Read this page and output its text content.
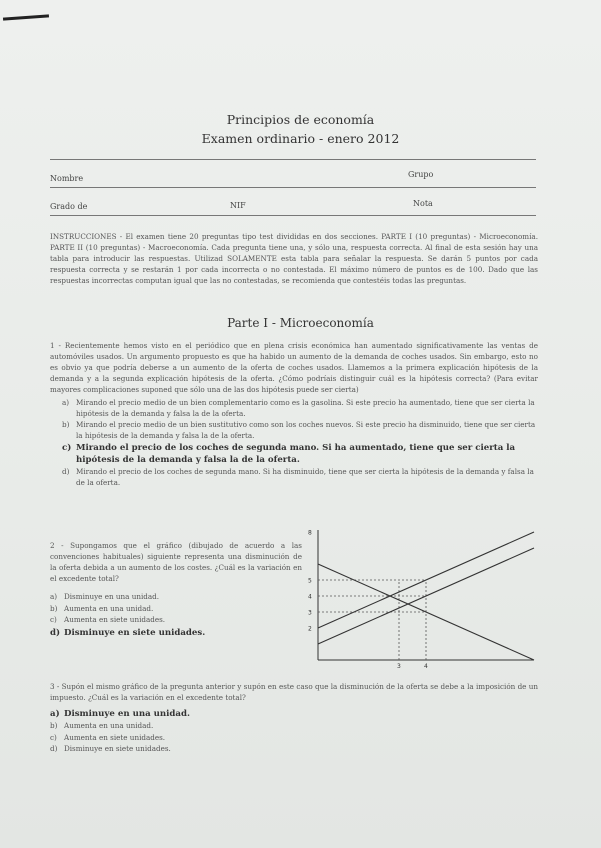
Principios de economía
Examen ordinario - enero 2012
Nombre	Grupo
Grado de	NIF	Nota
INSTRUCCIONES - El examen tiene 20 preguntas tipo test divididas en dos secciones. PARTE I (10 preguntas) - Microeconomía. PARTE II (10 preguntas) - Macroeconomía. Cada pregunta tiene una, y sólo una, respuesta correcta. Al final de esta sesión hay una tabla para introducir las respuestas. Utilizad SOLAMENTE esta tabla para señalar la respuesta. Se darán 5 puntos por cada respuesta correcta y se restarán 1 por cada incorrecta o no contestada. El máximo número de puntos es de 100. Dado que las respuestas incorrectas computan igual que las no contestadas, se recomienda que contestéis todas las preguntas.
Parte I - Microeconomía
1 - Recientemente hemos visto en el periódico que en plena crisis económica han aumentado significativamente las ventas de automóviles usados. Un argumento propuesto es que ha habido un aumento de la demanda de coches usados. Sin embargo, esto no es obvio ya que podría deberse a un aumento de la oferta de coches usados. Llamemos a la primera explicación hipótesis de la demanda y a la segunda explicación hipótesis de la oferta. ¿Cómo podríais distinguir cuál es la hipótesis correcta? (Para evitar mayores complicaciones suponed que sólo una de las dos hipótesis puede ser cierta)
a) Mirando el precio medio de un bien complementario como es la gasolina. Si este precio ha aumentado, tiene que ser cierta la hipótesis de la demanda y falsa la de la oferta.
b) Mirando el precio medio de un bien sustitutivo como son los coches nuevos. Si este precio ha disminuido, tiene que ser cierta la hipótesis de la demanda y falsa la de la oferta.
c) Mirando el precio de los coches de segunda mano. Si ha aumentado, tiene que ser cierta la hipótesis de la demanda y falsa la de la oferta.
d) Mirando el precio de los coches de segunda mano. Si ha disminuido, tiene que ser cierta la hipótesis de la demanda y falsa la de la oferta.
2 - Supongamos que el gráfico (dibujado de acuerdo a las convenciones habituales) siguiente representa una disminución de la oferta debida a un aumento de los costes. ¿Cuál es la variación en el excedente total?
a) Disminuye en una unidad.
b) Aumenta en una unidad.
c) Aumenta en siete unidades.
d) Disminuye en siete unidades.	2
3
4
5
8
3	4
3 - Supón el mismo gráfico de la pregunta anterior y supón en este caso que la disminución de la oferta se debe a la imposición de un impuesto. ¿Cuál es la variación en el excedente total?
a) Disminuye en una unidad.
b) Aumenta en una unidad.
c) Aumenta en siete unidades.
d) Disminuye en siete unidades.
